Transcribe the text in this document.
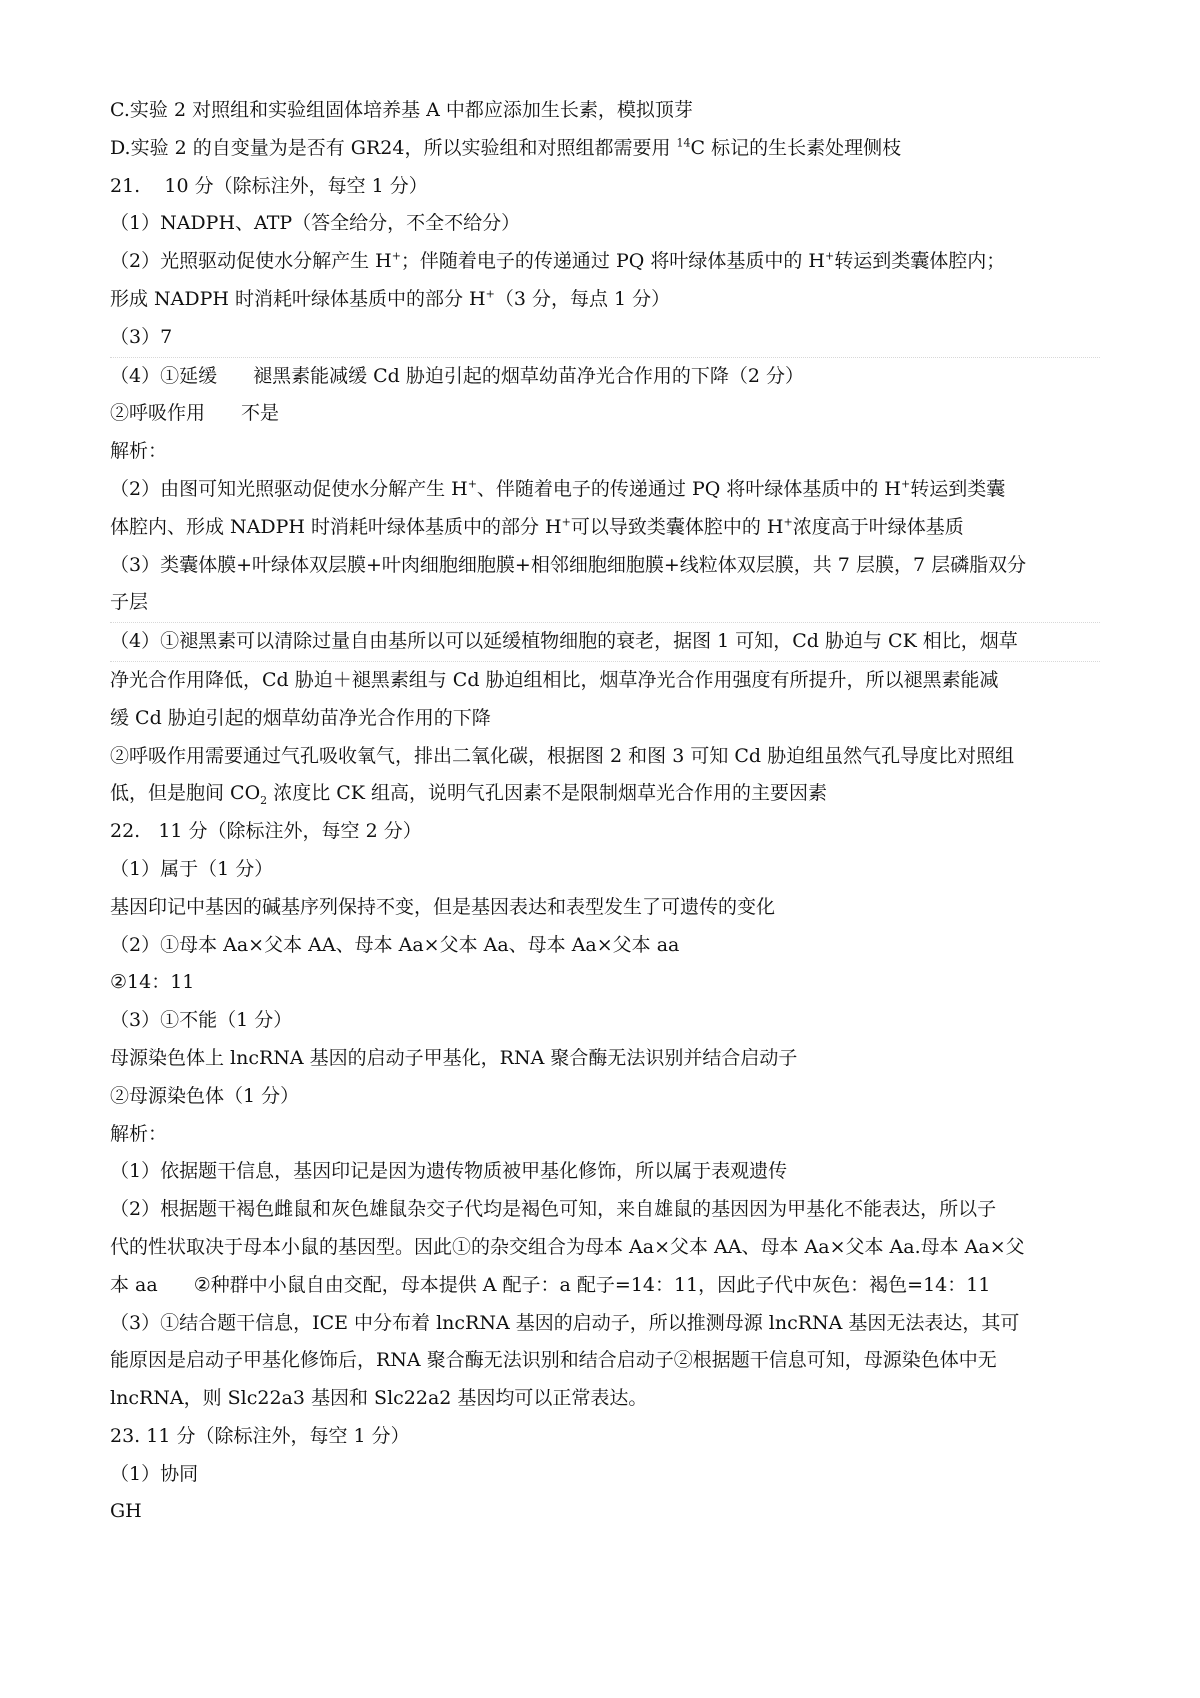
C.实验 2 对照组和实验组固体培养基 A 中都应添加生长素，模拟顶芽

D.实验 2 的自变量为是否有 GR24，所以实验组和对照组都需要用 $^{14}$C 标记的生长素处理侧枝

21.    10 分（除标注外，每空 1 分）

（1）NADPH、ATP（答全给分，不全不给分）

（2）光照驱动促使水分解产生 H+；伴随着电子的传递通过 PQ 将叶绿体基质中的 H+转运到类囊体腔内；

形成 NADPH 时消耗叶绿体基质中的部分 H+（3 分，每点 1 分）

（3）7

（4）①延缓 褪黑素能减缓 Cd 胁迫引起的烟草幼苗净光合作用的下降（2 分）

②呼吸作用 不是

解析：

（2）由图可知光照驱动促使水分解产生 H+、伴随着电子的传递通过 PQ 将叶绿体基质中的 H+转运到类囊

体腔内、形成 NADPH 时消耗叶绿体基质中的部分 H+可以导致类囊体腔中的 H+浓度高于叶绿体基质

（3）类囊体膜+叶绿体双层膜+叶肉细胞细胞膜+相邻细胞细胞膜+线粒体双层膜，共 7 层膜，7 层磷脂双分

子层

（4）①褪黑素可以清除过量自由基所以可以延缓植物细胞的衰老，据图 1 可知，Cd 胁迫与 CK 相比，烟草

净光合作用降低，Cd 胁迫＋褪黑素组与 Cd 胁迫组相比，烟草净光合作用强度有所提升，所以褪黑素能减

缓 Cd 胁迫引起的烟草幼苗净光合作用的下降

②呼吸作用需要通过气孔吸收氧气，排出二氧化碳，根据图 2 和图 3 可知 Cd 胁迫组虽然气孔导度比对照组

低，但是胞间 $CO_2$ 浓度比 CK 组高，说明气孔因素不是限制烟草光合作用的主要因素

22.   11 分（除标注外，每空 2 分）

（1）属于（1 分）

基因印记中基因的碱基序列保持不变，但是基因表达和表型发生了可遗传的变化

（2）①母本 Aa×父本 AA、母本 Aa×父本 Aa、母本 Aa×父本 aa

②14：11

（3）①不能（1 分）

母源染色体上 lncRNA 基因的启动子甲基化，RNA 聚合酶无法识别并结合启动子

②母源染色体（1 分）

解析：

（1）依据题干信息，基因印记是因为遗传物质被甲基化修饰，所以属于表观遗传

（2）根据题干褐色雌鼠和灰色雄鼠杂交子代均是褐色可知，来自雄鼠的基因因为甲基化不能表达，所以子

代的性状取决于母本小鼠的基因型。因此①的杂交组合为母本 Aa×父本 AA、母本 Aa×父本 Aa.母本 Aa×父

本 aa ②种群中小鼠自由交配，母本提供 A 配子：a 配子=14：11，因此子代中灰色：褐色=14：11

（3）①结合题干信息，ICE 中分布着 lncRNA 基因的启动子，所以推测母源 lncRNA 基因无法表达，其可

能原因是启动子甲基化修饰后，RNA 聚合酶无法识别和结合启动子②根据题干信息可知，母源染色体中无

lncRNA，则 Slc22a3 基因和 Slc22a2 基因均可以正常表达。

23. 11 分（除标注外，每空 1 分）

（1）协同

GH
